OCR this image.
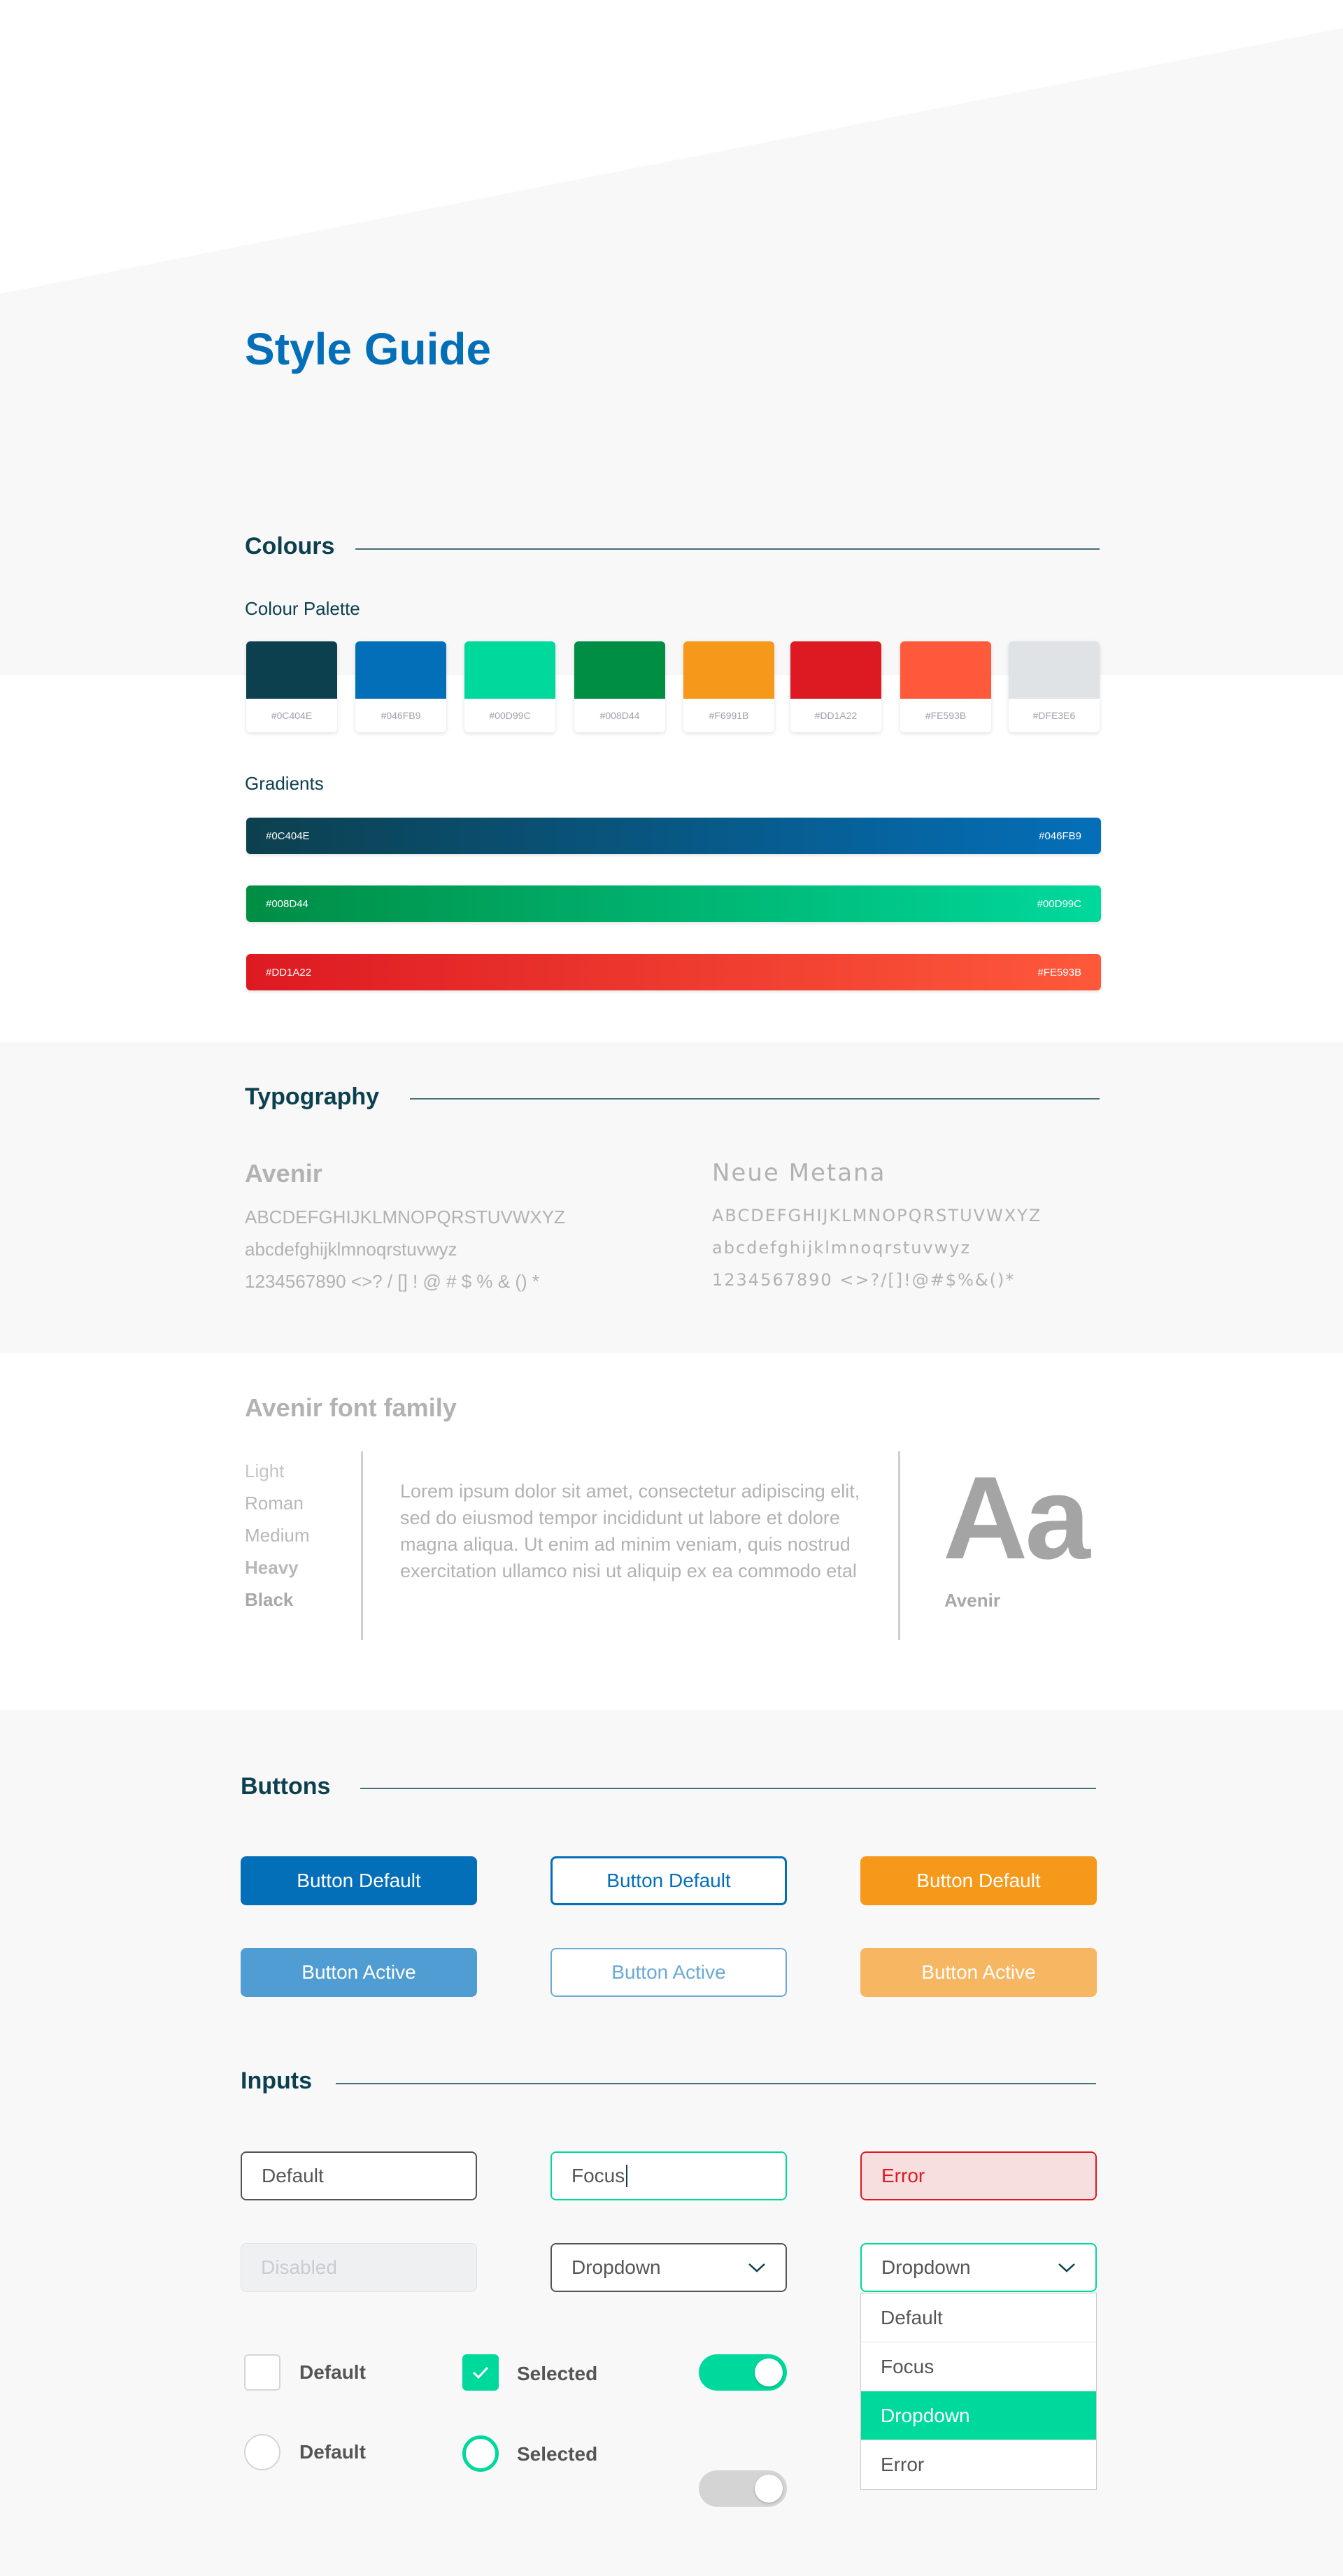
Style Guide
Colours
Colour Palette
#0C404E	#046FB9	#00D99C	#008D44	#F6991B	#DD1A22	#FE593B	#DFE3E6
Gradients
#0C404E	#046FB9
#008D44	#00D99C
#DD1A22	#FE593B
Typography
Avenir
ABCDEFGHIJKLMNOPQRSTUVWXYZ
abcdefghijklmnoqrstuvwyz
1234567890 <>? / [] ! @ # $ % & () *
Neue Metana
ABCDEFGHIJKLMNOPQRSTUVWXYZ
abcdefghijklmnoqrstuvwyz
1234567890 <>?/[]!@#$%&()*
Avenir font family
Light
Roman
Medium
Heavy
Black
Lorem ipsum dolor sit amet, consectetur adipiscing elit, sed do eiusmod tempor incididunt ut labore et dolore magna aliqua. Ut enim ad minim veniam, quis nostrud exercitation ullamco nisi ut aliquip ex ea commodo etal Aa
Avenir
Buttons
Button Default	Button Default	Button Default
Button Active	Button Active	Button Active
Inputs
Default	Focus	Error
Disabled	Dropdown	Dropdown
Default
Focus
Dropdown
Error
Default	Selected
Default	Selected
